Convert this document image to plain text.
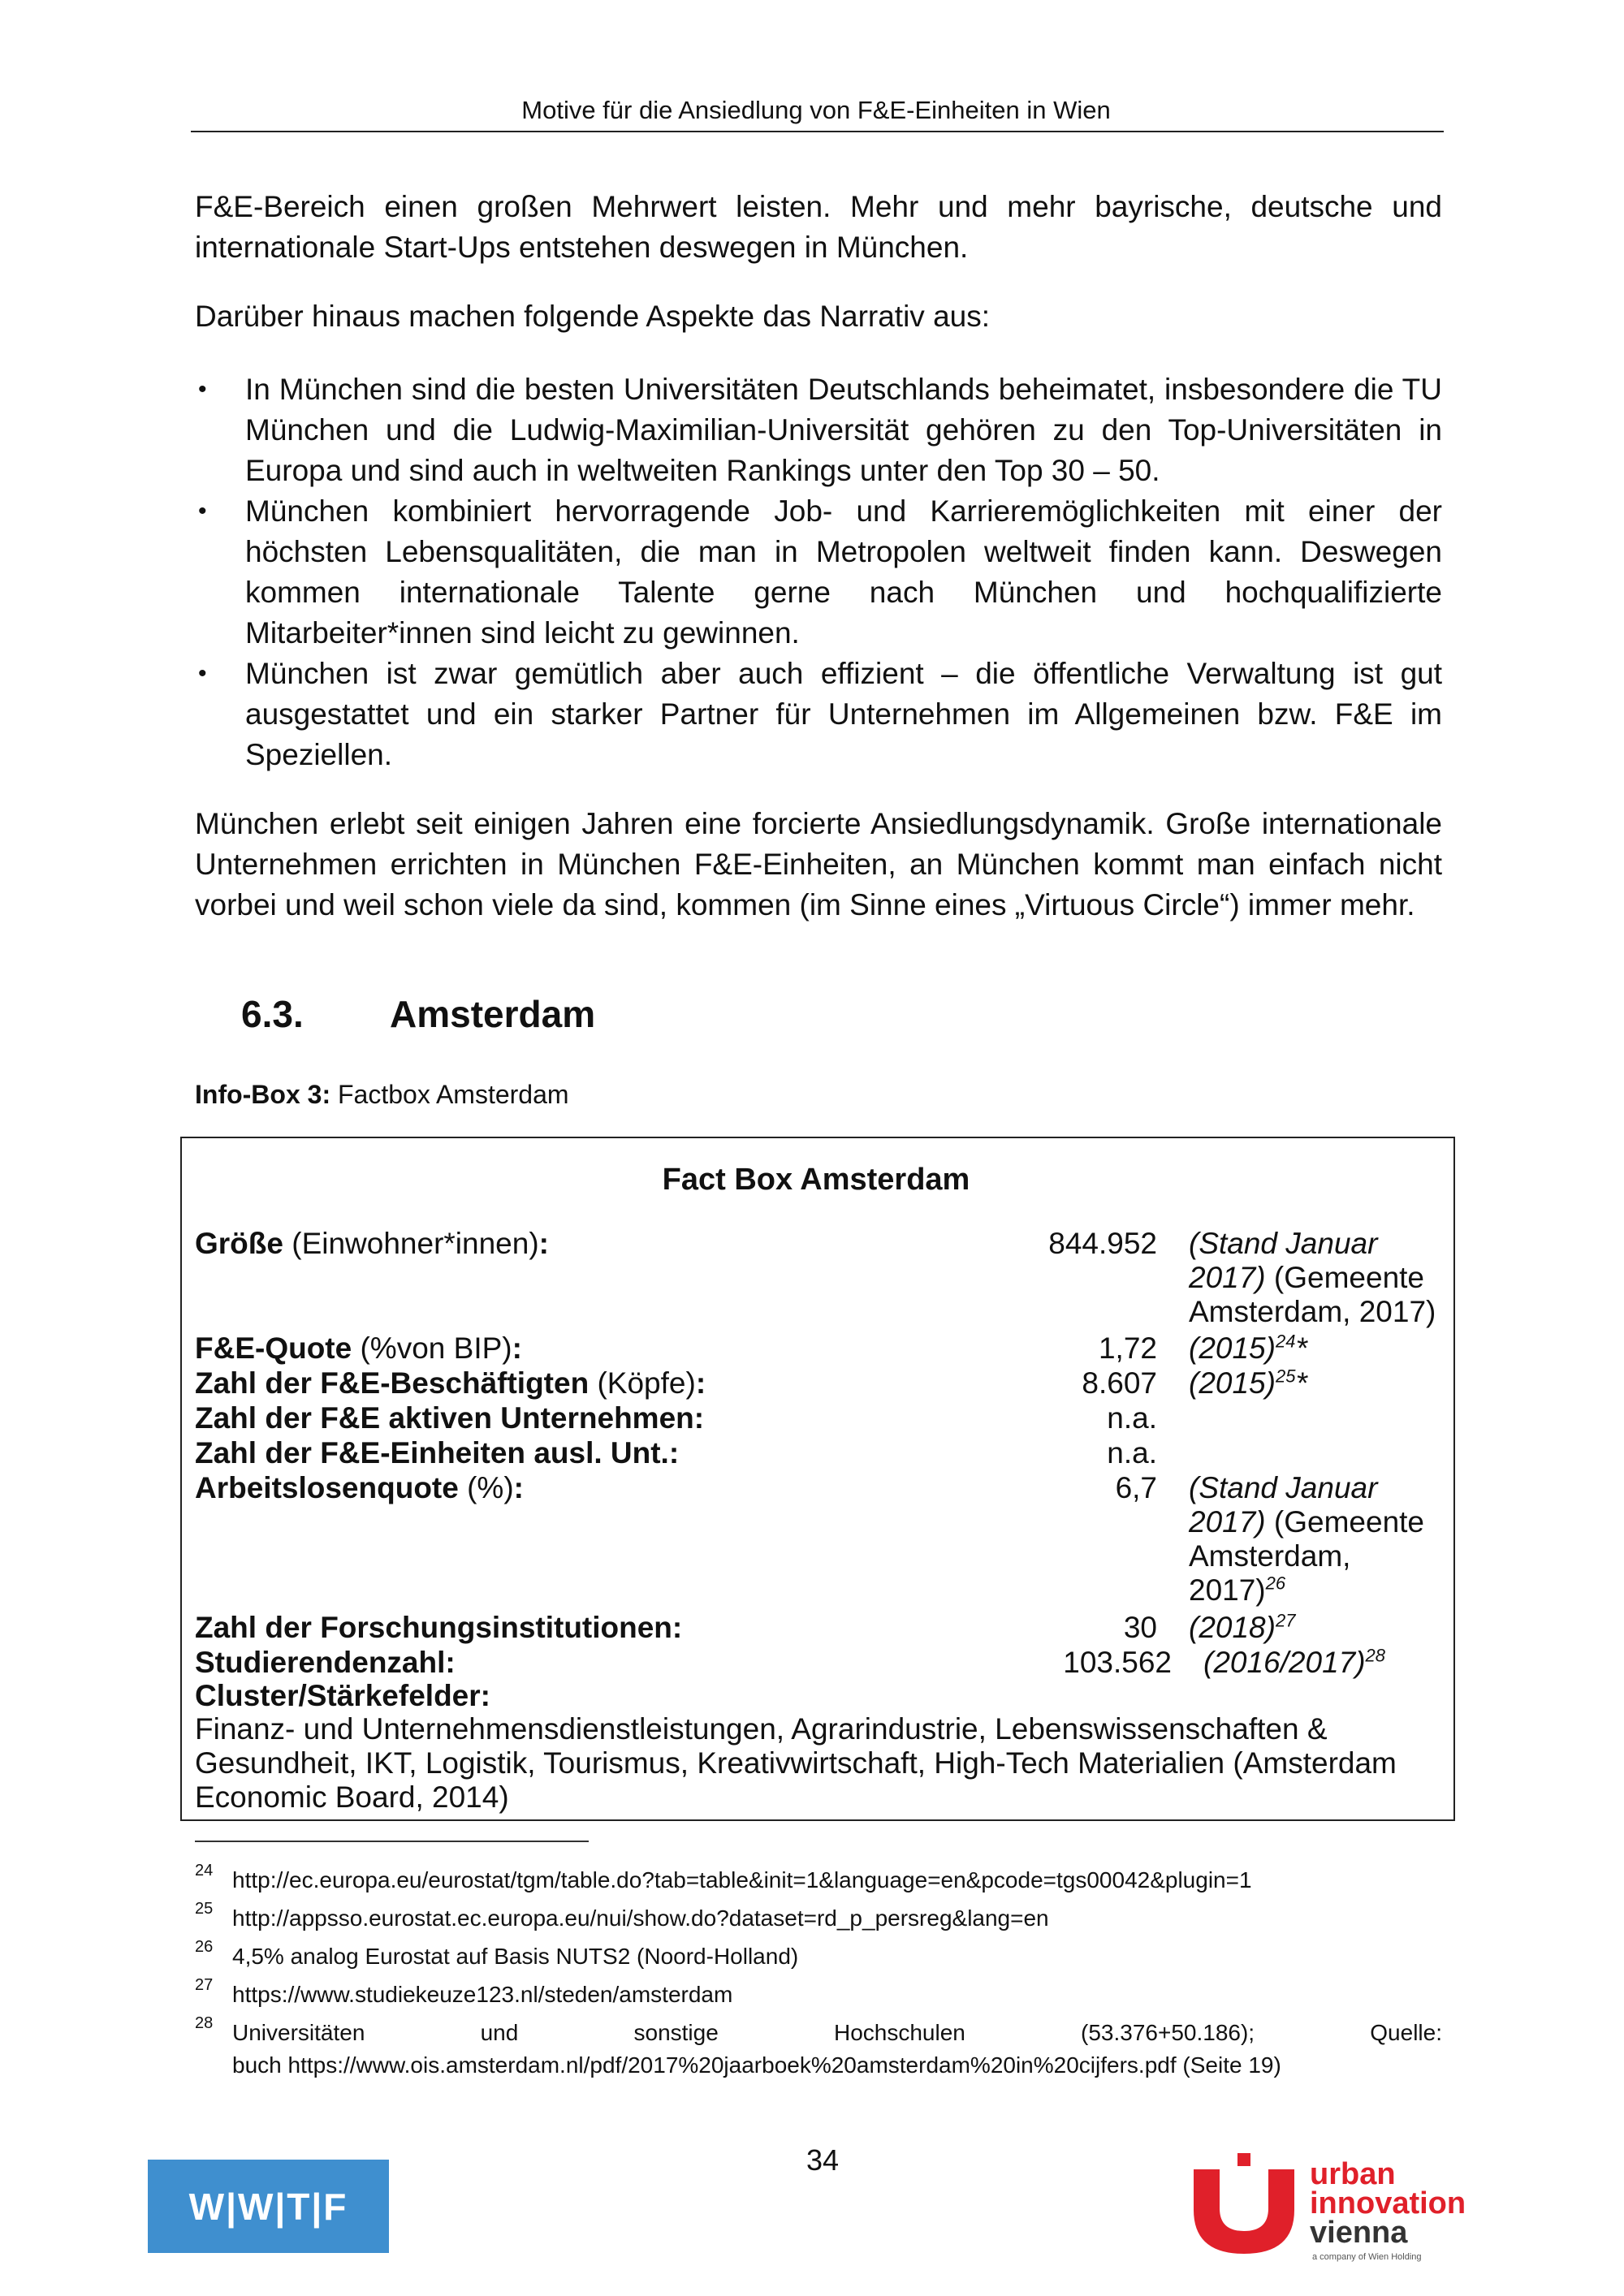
Motive für die Ansiedlung von F&E-Einheiten in Wien
F&E-Bereich einen großen Mehrwert leisten. Mehr und mehr bayrische, deutsche und internationale Start-Ups entstehen deswegen in München.
Darüber hinaus machen folgende Aspekte das Narrativ aus:
• In München sind die besten Universitäten Deutschlands beheimatet, insbesondere die TU München und die Ludwig-Maximilian-Universität gehören zu den Top-Universitäten in Europa und sind auch in weltweiten Rankings unter den Top 30 – 50.
• München kombiniert hervorragende Job- und Karrieremöglichkeiten mit einer der höchsten Lebensqualitäten, die man in Metropolen weltweit finden kann. Deswegen kommen internationale Talente gerne nach München und hochqualifizierte Mitarbeiter*innen sind leicht zu gewinnen.
• München ist zwar gemütlich aber auch effizient – die öffentliche Verwaltung ist gut ausgestattet und ein starker Partner für Unternehmen im Allgemeinen bzw. F&E im Speziellen.
München erlebt seit einigen Jahren eine forcierte Ansiedlungsdynamik. Große internationale Unternehmen errichten in München F&E-Einheiten, an München kommt man einfach nicht vorbei und weil schon viele da sind, kommen (im Sinne eines „Virtuous Circle“) immer mehr.
6.3. Amsterdam
Info-Box 3: Factbox Amsterdam
Fact Box Amsterdam
Größe (Einwohner*innen):	844.952 (Stand Januar 2017) (Gemeente Amsterdam, 2017)
F&E-Quote (%von BIP):	1,72 $(2015)^{24}*$
Zahl der F&E-Beschäftigten (Köpfe):	8.607 $(2015)^{25}*$
Zahl der F&E aktiven Unternehmen:	n.a.
Zahl der F&E-Einheiten ausl. Unt.:	n.a.
Arbeitslosenquote (%):	6,7 (Stand Januar 2017) (Gemeente Amsterdam, 2017)$^{26}$
Zahl der Forschungsinstitutionen:	30 $(2018)^{27}$
Studierendenzahl:	103.562 $(2016/2017)^{28}$
Cluster/Stärkefelder:
Finanz- und Unternehmensdienstleistungen, Agrarindustrie, Lebenswissenschaften & Gesundheit, IKT, Logistik, Tourismus, Kreativwirtschaft, High-Tech Materialien (Amsterdam Economic Board, 2014)
24 http://ec.europa.eu/eurostat/tgm/table.do?tab=table&init=1&language=en&pcode=tgs00042&plugin=1
25 http://appsso.eurostat.ec.europa.eu/nui/show.do?dataset=rd_p_persreg&lang=en
26 4,5% analog Eurostat auf Basis NUTS2 (Noord-Holland)
27 https://www.studiekeuze123.nl/steden/amsterdam
28 Universitäten und sonstige Hochschulen (53.376+50.186); Quelle:
buch https://www.ois.amsterdam.nl/pdf/2017%20jaarboek%20amsterdam%20in%20cijfers.pdf (Seite 19)
34
W|W|T|F
urban
innovation
vienna
a company of Wien Holding
